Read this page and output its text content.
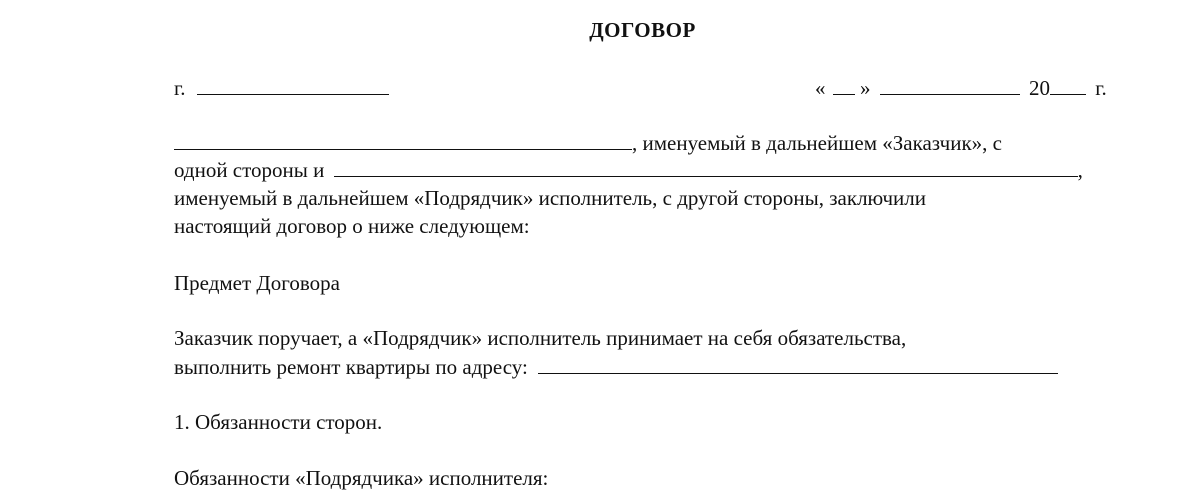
ДОГОВОР
г.	« »	20 г.
, именуемый в дальнейшем «Заказчик», с
одной стороны и	,
именуемый в дальнейшем «Подрядчик» исполнитель, с другой стороны, заключили
настоящий договор о ниже следующем:
Предмет Договора
Заказчик поручает, а «Подрядчик» исполнитель принимает на себя обязательства,
выполнить ремонт квартиры по адресу:
1. Обязанности сторон.
Обязанности «Подрядчика» исполнителя:
